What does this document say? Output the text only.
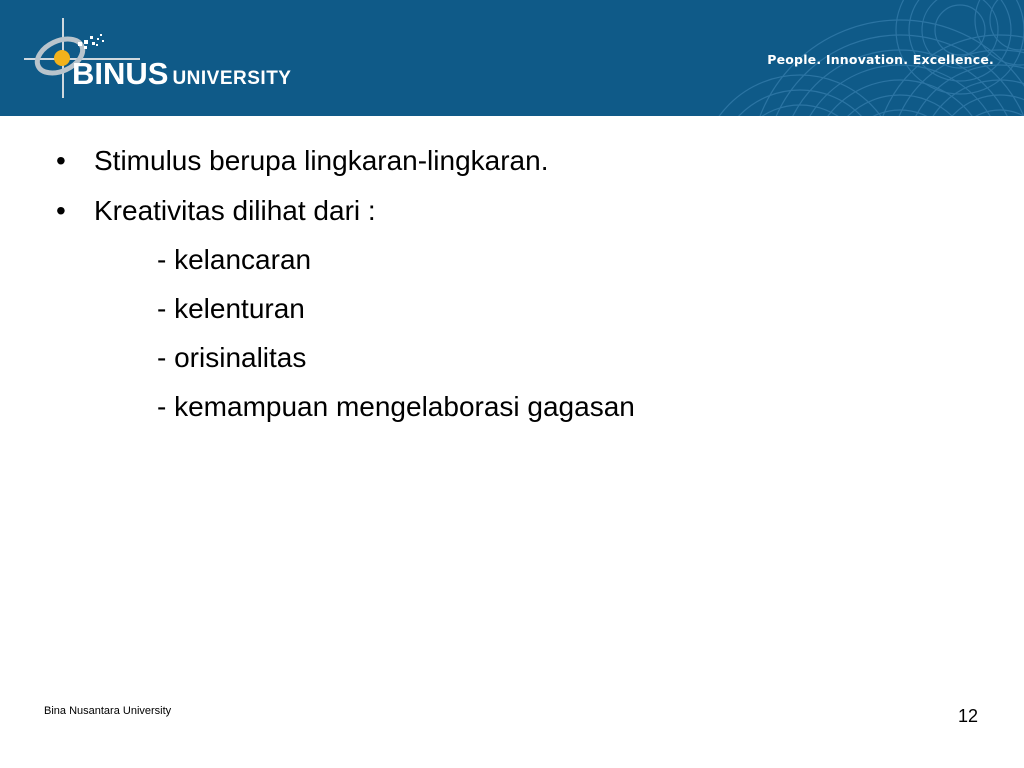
BINUS UNIVERSITY
People. Innovation. Excellence.
• Stimulus berupa lingkaran-lingkaran.
• Kreativitas dilihat dari :
- kelancaran
- kelenturan
- orisinalitas
- kemampuan mengelaborasi gagasan
Bina Nusantara University	12
